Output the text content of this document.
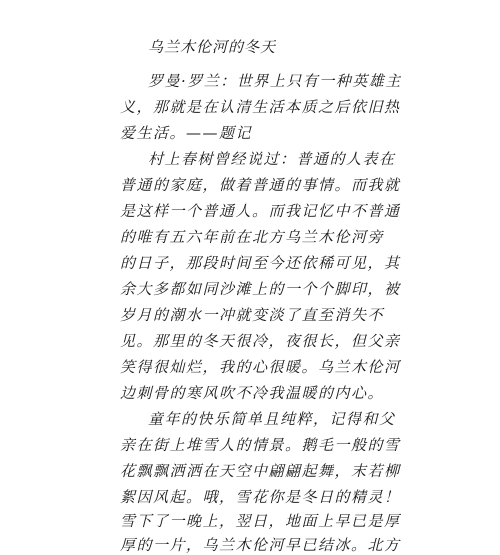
乌兰木伦河的冬天
罗曼·罗兰：世界上只有一种英雄主
义，那就是在认清生活本质之后依旧热
爱生活。——题记
村上春树曾经说过：普通的人表在
普通的家庭，做着普通的事情。而我就
是这样一个普通人。而我记忆中不普通
的唯有五六年前在北方乌兰木伦河旁
的日子，那段时间至今还依稀可见，其
余大多都如同沙滩上的一个个脚印，被
岁月的潮水一冲就变淡了直至消失不
见。那里的冬天很冷，夜很长，但父亲
笑得很灿烂，我的心很暖。乌兰木伦河
边刺骨的寒风吹不冷我温暖的内心。
童年的快乐简单且纯粹，记得和父
亲在街上堆雪人的情景。鹅毛一般的雪
花飘飘洒洒在天空中翩翩起舞，末若柳
絮因风起。哦，雪花你是冬日的精灵！
雪下了一晚上，翌日，地面上早已是厚
厚的一片，乌兰木伦河早已结冰。北方
